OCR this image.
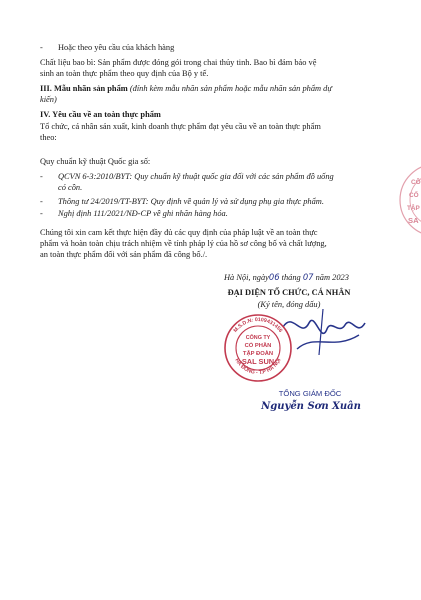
- Hoặc theo yêu cầu của khách hàng
Chất liệu bao bì: Sản phẩm được đóng gói trong chai thủy tinh. Bao bì đảm bảo vệ
sinh an toàn thực phẩm theo quy định của Bộ y tế.
III. Mẫu nhãn sản phẩm (đính kèm mẫu nhãn sản phẩm hoặc mẫu nhãn sản phẩm dự
kiến)
IV. Yêu cầu về an toàn thực phẩm
Tổ chức, cá nhân sản xuất, kinh doanh thực phẩm đạt yêu cầu về an toàn thực phẩm
theo:
Quy chuẩn kỹ thuật Quốc gia số:
- QCVN 6-3:2010/BYT: Quy chuẩn kỹ thuật quốc gia đối với các sản phẩm đồ uống
có cồn.
- Thông tư 24/2019/TT-BYT: Quy định về quản lý và sử dụng phụ gia thực phẩm.
- Nghị định 111/2021/NĐ-CP về ghi nhãn hàng hóa.
Chúng tôi xin cam kết thực hiện đầy đủ các quy định của pháp luật về an toàn thực
phẩm và hoàn toàn chịu trách nhiệm về tính pháp lý của hồ sơ công bố và chất lượng,
an toàn thực phẩm đối với sản phẩm đã công bố./.
Hà Nội, ngày06 tháng 07 năm 2023
ĐẠI DIỆN TỔ CHỨC, CÁ NHÂN
(Ký tên, đóng dấu)
M.S.D.N: 0109431456
HÀ ĐÔNG - T.P HÀ NỘI
CÔNG TY
CỔ PHẦN
TẬP ĐOÀN
SAL SUN
TỔNG GIÁM ĐỐC
Nguyễn Sơn Xuân
CÔ
CỔ
TẬP
SA
